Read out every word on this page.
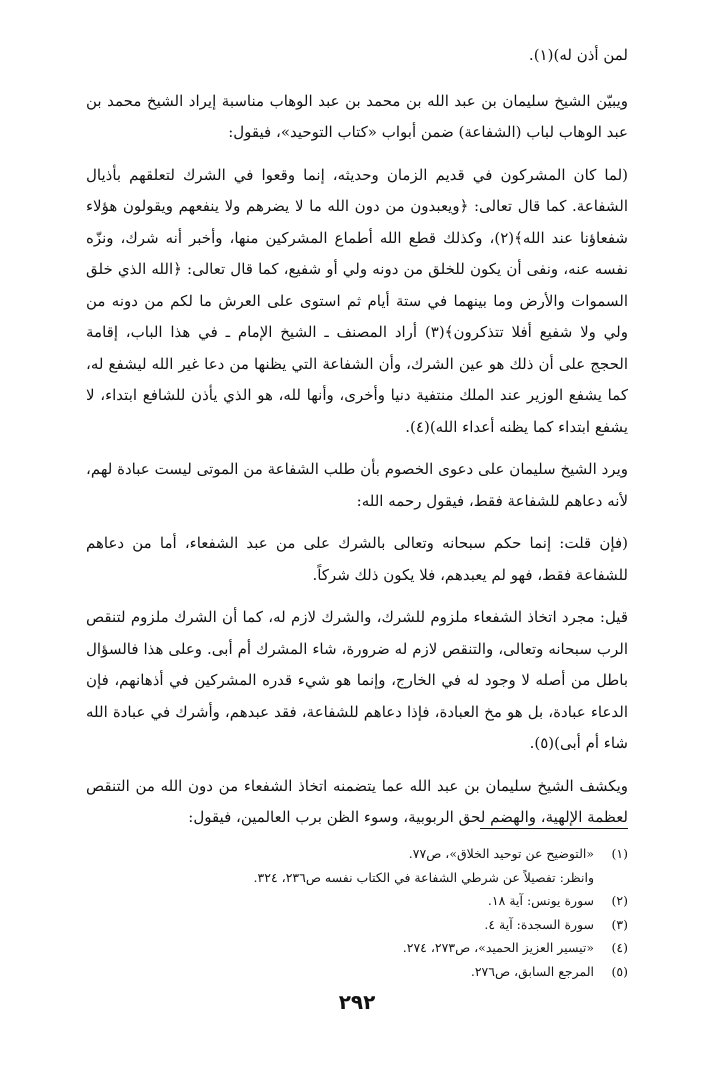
لمن أذن له)(١).

ويبيّن الشيخ سليمان بن عبد الله بن محمد بن عبد الوهاب مناسبة إيراد الشيخ محمد بن عبد الوهاب لباب (الشفاعة) ضمن أبواب «كتاب التوحيد»، فيقول:

(لما كان المشركون في قديم الزمان وحديثه، إنما وقعوا في الشرك لتعلقهم بأذيال الشفاعة. كما قال تعالى: ﴿ويعبدون من دون الله ما لا يضرهم ولا ينفعهم ويقولون هؤلاء شفعاؤنا عند الله﴾(٢)، وكذلك قطع الله أطماع المشركين منها، وأخبر أنه شرك، ونزّه نفسه عنه، ونفى أن يكون للخلق من دونه ولي أو شفيع، كما قال تعالى: ﴿الله الذي خلق السموات والأرض وما بينهما في ستة أيام ثم استوى على العرش ما لكم من دونه من ولي ولا شفيع أفلا تتذكرون﴾(٣) أراد المصنف ـ الشيخ الإمام ـ في هذا الباب، إقامة الحجج على أن ذلك هو عين الشرك، وأن الشفاعة التي يظنها من دعا غير الله ليشفع له، كما يشفع الوزير عند الملك منتفية دنيا وأخرى، وأنها لله، هو الذي يأذن للشافع ابتداء، لا يشفع ابتداء كما يظنه أعداء الله)(٤).

ويرد الشيخ سليمان على دعوى الخصوم بأن طلب الشفاعة من الموتى ليست عبادة لهم، لأنه دعاهم للشفاعة فقط، فيقول رحمه الله:

(فإن قلت: إنما حكم سبحانه وتعالى بالشرك على من عبد الشفعاء، أما من دعاهم للشفاعة فقط، فهو لم يعبدهم، فلا يكون ذلك شركاً.

قيل: مجرد اتخاذ الشفعاء ملزوم للشرك، والشرك لازم له، كما أن الشرك ملزوم لتنقص الرب سبحانه وتعالى، والتنقص لازم له ضرورة، شاء المشرك أم أبى. وعلى هذا فالسؤال باطل من أصله لا وجود له في الخارج، وإنما هو شيء قدره المشركين في أذهانهم، فإن الدعاء عبادة، بل هو مخ العبادة، فإذا دعاهم للشفاعة، فقد عبدهم، وأشرك في عبادة الله شاء أم أبى)(٥).

ويكشف الشيخ سليمان بن عبد الله عما يتضمنه اتخاذ الشفعاء من دون الله من التنقص لعظمة الإلهية، والهضم لحق الربوبية، وسوء الظن برب العالمين، فيقول:

(١)
«التوضيح عن توحيد الخلاق»، ص٧٧.
وانظر: تفصيلاً عن شرطي الشفاعة في الكتاب نفسه ص٢٣٦، ٣٢٤.
(٢)
سورة يونس: آية ١٨.
(٣)
سورة السجدة: آية ٤.
(٤)
«تيسير العزيز الحميد»، ص٢٧٣، ٢٧٤.
(٥)
المرجع السابق، ص٢٧٦.
٢٩٢
